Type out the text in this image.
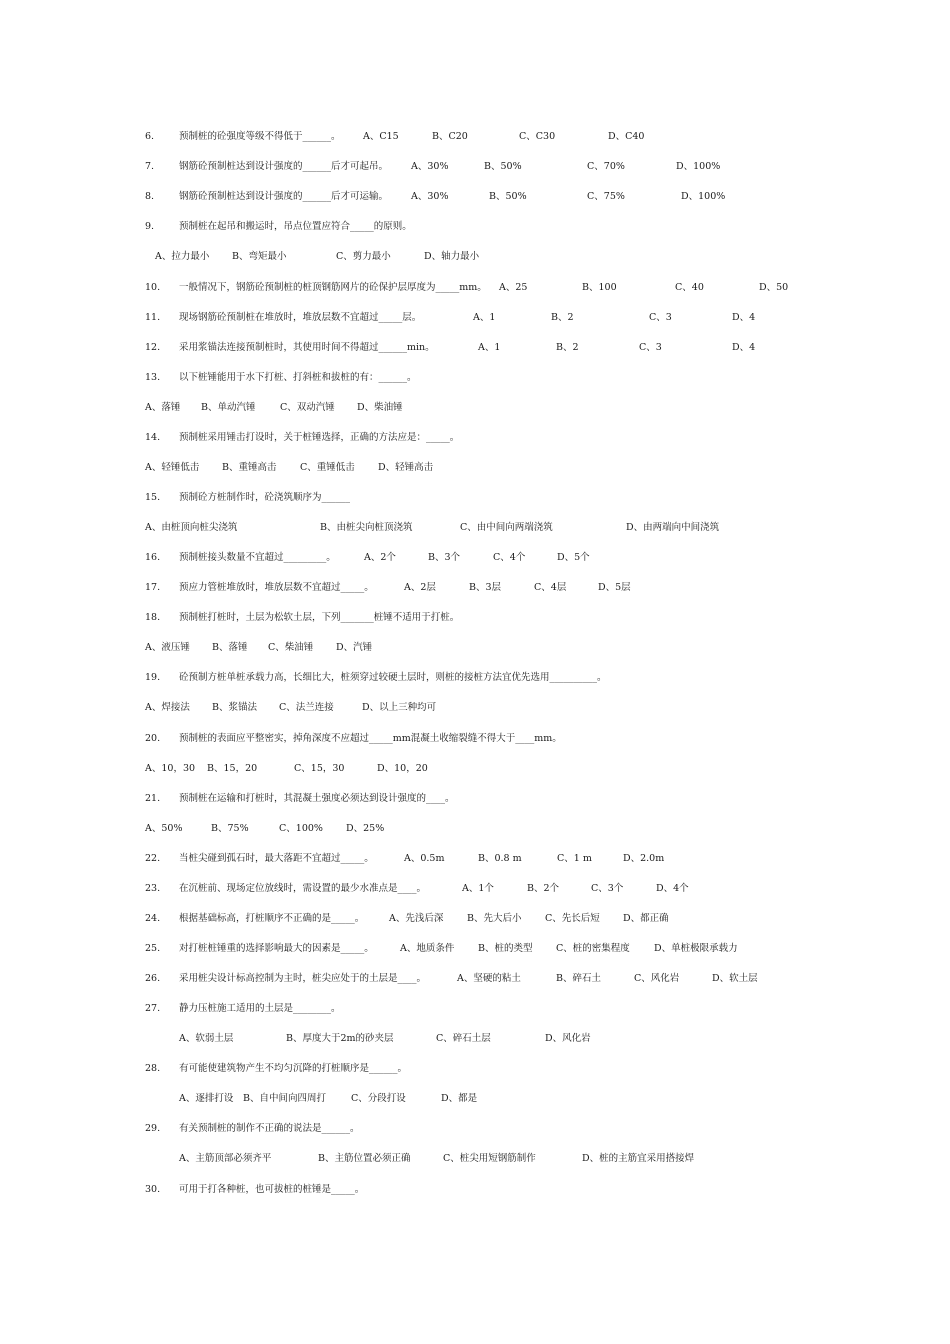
6.	预制桩的砼强度等级不得低于______。 A、C15	B、C20	C、C30	D、C40
7.	钢筋砼预制桩达到设计强度的______后才可起吊。 A、30%	B、50%	C、70%	D、100%
8.	钢筋砼预制桩达到设计强度的______后才可运输。 A、30%	B、50%	C、75%	D、100%
9.	预制桩在起吊和搬运时，吊点位置应符合_____的原则。
A、拉力最小 B、弯矩最小	C、剪力最小	D、轴力最小
10. 一般情况下，钢筋砼预制桩的桩顶钢筋网片的砼保护层厚度为_____mm。 A、25	B、100	C、40	D、50
11. 现场钢筋砼预制桩在堆放时，堆放层数不宜超过_____层。	A、1	B、2	C、3	D、4
12. 采用浆锚法连接预制桩时，其使用时间不得超过______min。	A、1	B、2	C、3	D、4
13. 以下桩锤能用于水下打桩、打斜桩和拔桩的有：______。
A、落锤 B、单动汽锤	C、双动汽锤 D、柴油锤
14. 预制桩采用锤击打设时，关于桩锤选择，正确的方法应是：_____。
A、轻锤低击 B、重锤高击 C、重锤低击 D、轻锤高击
15. 预制砼方桩制作时，砼浇筑顺序为______
A、由桩顶向桩尖浇筑	B、由桩尖向桩顶浇筑	C、由中间向两端浇筑	D、由两端向中间浇筑
16. 预制桩接头数量不宜超过_________。	A、2个	B、3个	C、4个	D、5个
17. 预应力管桩堆放时，堆放层数不宜超过_____。	A、2层	B、3层	C、4层	D、5层
18. 预制桩打桩时，土层为松软土层，下列_______桩锤不适用于打桩。
A、液压锤 B、落锤 C、柴油锤 D、汽锤
19. 砼预制方桩单桩承载力高，长细比大，桩须穿过较硬土层时，则桩的接桩方法宜优先选用__________。
A、焊接法 B、浆锚法 C、法兰连接	D、以上三种均可
20. 预制桩的表面应平整密实，掉角深度不应超过_____mm混凝土收缩裂缝不得大于____mm。
A、10，30 B、15，20	C、15，30	D、10，20
21. 预制桩在运输和打桩时，其混凝土强度必须达到设计强度的____。
A、50%	B、75%	C、100% D、25%
22. 当桩尖碰到孤石时，最大落距不宜超过_____。	A、0.5m	B、0.8 m	C、1 m	D、2.0m
23. 在沉桩前、现场定位放线时，需设置的最少水准点是____。	A、1个	B、2个	C、3个	D、4个
24. 根据基础标高，打桩顺序不正确的是_____。	A、先浅后深 B、先大后小 C、先长后短 D、都正确
25. 对打桩桩锤重的选择影响最大的因素是_____。	A、地质条件 B、桩的类型 C、桩的密集程度	D、单桩极限承载力
26. 采用桩尖设计标高控制为主时，桩尖应处于的土层是____。	A、坚硬的粘土	B、碎石土	C、风化岩	D、软土层
27. 静力压桩施工适用的土层是________。
A、软弱土层	B、厚度大于2m的砂夹层	C、碎石土层	D、风化岩
28. 有可能使建筑物产生不均匀沉降的打桩顺序是______。
A、逐排打设 B、自中间向四周打	C、分段打设	D、都是
29. 有关预制桩的制作不正确的说法是______。
A、主筋顶部必须齐平	B、主筋位置必须正确	C、桩尖用短钢筋制作	D、桩的主筋宜采用搭接焊
30. 可用于打各种桩，也可拔桩的桩锤是_____。
